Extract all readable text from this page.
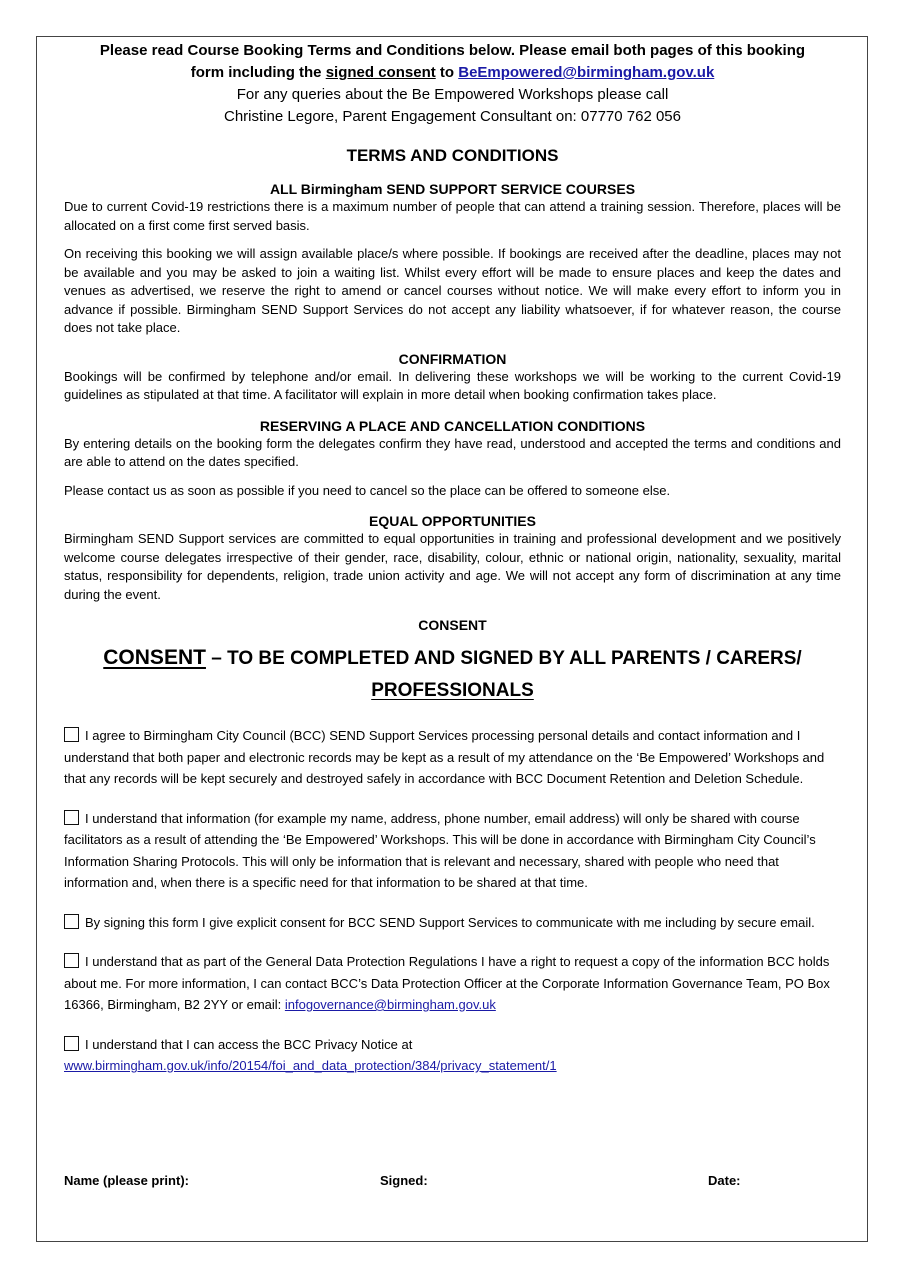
Please read Course Booking Terms and Conditions below. Please email both pages of this booking

form including the signed consent to BeEmpowered@birmingham.gov.uk

For any queries about the Be Empowered Workshops please call

Christine Legore, Parent Engagement Consultant on: 07770 762 056

TERMS AND CONDITIONS

ALL Birmingham SEND SUPPORT SERVICE COURSES

Due to current Covid-19 restrictions there is a maximum number of people that can attend a training session. Therefore, places will be allocated on a first come first served basis.

On receiving this booking we will assign available place/s where possible. If bookings are received after the deadline, places may not be available and you may be asked to join a waiting list. Whilst every effort will be made to ensure places and keep the dates and venues as advertised, we reserve the right to amend or cancel courses without notice. We will make every effort to inform you in advance if possible. Birmingham SEND Support Services do not accept any liability whatsoever, if for whatever reason, the course does not take place.

CONFIRMATION

Bookings will be confirmed by telephone and/or email. In delivering these workshops we will be working to the current Covid-19 guidelines as stipulated at that time. A facilitator will explain in more detail when booking confirmation takes place.

RESERVING A PLACE AND CANCELLATION CONDITIONS

By entering details on the booking form the delegates confirm they have read, understood and accepted the terms and conditions and are able to attend on the dates specified.

Please contact us as soon as possible if you need to cancel so the place can be offered to someone else.

EQUAL OPPORTUNITIES

Birmingham SEND Support services are committed to equal opportunities in training and professional development and we positively welcome course delegates irrespective of their gender, race, disability, colour, ethnic or national origin, nationality, sexuality, marital status, responsibility for dependents, religion, trade union activity and age. We will not accept any form of discrimination at any time during the event.

CONSENT

CONSENT – TO BE COMPLETED AND SIGNED BY ALL PARENTS / CARERS/
PROFESSIONALS

I agree to Birmingham City Council (BCC) SEND Support Services processing personal details and contact information and I understand that both paper and electronic records may be kept as a result of my attendance on the ‘Be Empowered’ Workshops and that any records will be kept securely and destroyed safely in accordance with BCC Document Retention and Deletion Schedule.

I understand that information (for example my name, address, phone number, email address) will only be shared with course facilitators as a result of attending the ‘Be Empowered’ Workshops. This will be done in accordance with Birmingham City Council’s Information Sharing Protocols. This will only be information that is relevant and necessary, shared with people who need that information and, when there is a specific need for that information to be shared at that time.

By signing this form I give explicit consent for BCC SEND Support Services to communicate with me including by secure email.

I understand that as part of the General Data Protection Regulations I have a right to request a copy of the information BCC holds about me. For more information, I can contact BCC’s Data Protection Officer at the Corporate Information Governance Team, PO Box 16366, Birmingham, B2 2YY or email: infogovernance@birmingham.gov.uk

I understand that I can access the BCC Privacy Notice at
www.birmingham.gov.uk/info/20154/foi_and_data_protection/384/privacy_statement/1

Name (please print):	Signed:	Date:
